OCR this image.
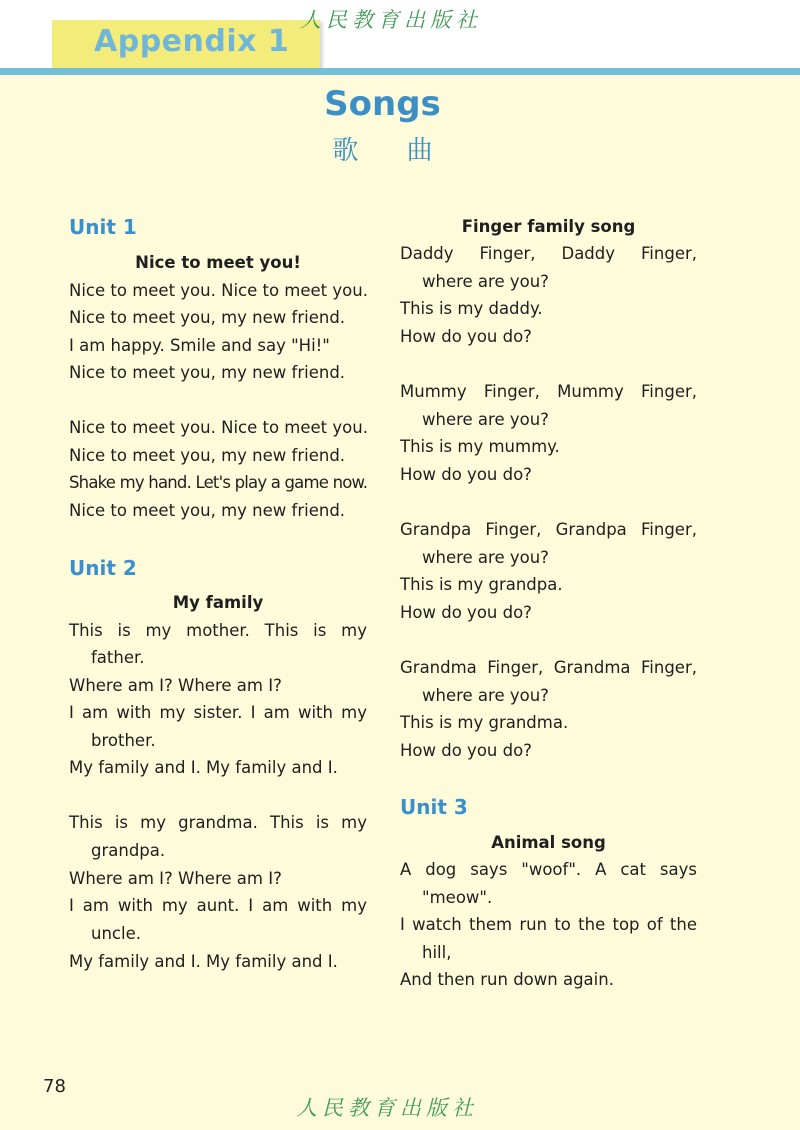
Appendix 1
人民教育出版社
Songs
歌 曲
Unit 1
Nice to meet you!
Nice to meet you. Nice to meet you.
Nice to meet you, my new friend.
I am happy. Smile and say "Hi!"
Nice to meet you, my new friend.
Nice to meet you. Nice to meet you.
Nice to meet you, my new friend.
Shake my hand. Let's play a game now.
Nice to meet you, my new friend.
Unit 2
My family
This is my mother. This is my
father.
Where am I? Where am I?
I am with my sister. I am with my
brother.
My family and I. My family and I.
This is my grandma. This is my
grandpa.
Where am I? Where am I?
I am with my aunt. I am with my
uncle.
My family and I. My family and I.
Finger family song
Daddy Finger, Daddy Finger,
where are you?
This is my daddy.
How do you do?
Mummy Finger, Mummy Finger,
where are you?
This is my mummy.
How do you do?
Grandpa Finger, Grandpa Finger,
where are you?
This is my grandpa.
How do you do?
Grandma Finger, Grandma Finger,
where are you?
This is my grandma.
How do you do?
Unit 3
Animal song
A dog says "woof". A cat says
"meow".
I watch them run to the top of the
hill,
And then run down again.
78
人民教育出版社
